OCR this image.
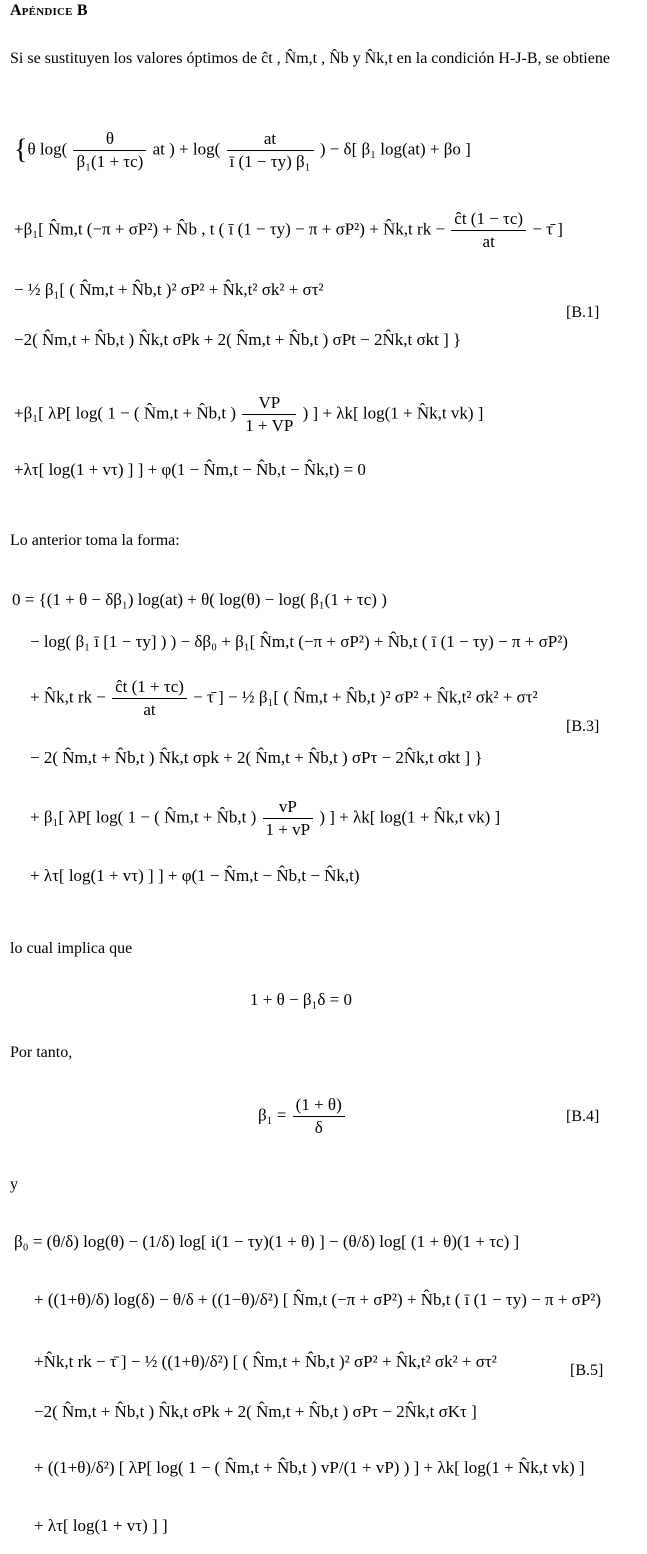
Apéndice B
Si se sustituyen los valores óptimos de ĉt , N̂m,t , N̂b y N̂k,t en la condición H-J-B, se obtiene
{θ $\log( \frac{\theta}{\text{β₁(1 + τc)}}$ at ) + $\log( \frac{at}{\text{ī (1 − τy) β₁}}$ ) − δ[ β₁ log(at) + βo ]
+β₁[ N̂m,t (−π + σP²) + N̂b , t ( ī (1 − τy) − π + σP²) + N̂k,t rk − $\frac{ĉt (1 - \tau c)}{at}$ − τ̄ ]
− ½ β₁[ ( N̂m,t + N̂b,t )² σP² + N̂k,t² σk² + στ²
[B.1]
−2( N̂m,t + N̂b,t ) N̂k,t σPk + 2( N̂m,t + N̂b,t ) σPt − 2N̂k,t σkt ] }
+β₁[ λP[ log( 1 − ( N̂m,t + N̂b,t ) $\frac{VP}{1 + VP}$ ) ] + λk[ log(1 + N̂k,t vk) ]
+λτ[ log(1 + vτ) ] ] + φ(1 − N̂m,t − N̂b,t − N̂k,t) = 0
Lo anterior toma la forma:
0 = {(1 + θ − δβ₁) log(at) + θ( log(θ) − log( β₁(1 + τc) )
− log( β₁ ī [1 − τy] ) ) − δβ₀ + β₁[ N̂m,t (−π + σP²) + N̂b,t ( ī (1 − τy) − π + σP²)
+ N̂k,t rk − $\frac{ĉt (1 + \tau c)}{at}$ − τ̄ ] − ½ β₁[ ( N̂m,t + N̂b,t )² σP² + N̂k,t² σk² + στ²
[B.3]
− 2( N̂m,t + N̂b,t ) N̂k,t σpk + 2( N̂m,t + N̂b,t ) σPτ − 2N̂k,t σkt ] }
+ β₁[ λP[ log( 1 − ( N̂m,t + N̂b,t ) $\frac{vP}{1 + vP}$ ) ] + λk[ log(1 + N̂k,t vk) ]
+ λτ[ log(1 + vτ) ] ] + φ(1 − N̂m,t − N̂b,t − N̂k,t)
lo cual implica que
1 + θ − β₁δ = 0
Por tanto,
$\beta_1 = \frac{(1 + \theta)}{\delta}$	[B.4]
y
β₀ = (θ/δ) log(θ) − (1/δ) log[ i(1 − τy)(1 + θ) ] − (θ/δ) log[ (1 + θ)(1 + τc) ]
+ ((1+θ)/δ) log(δ) − θ/δ + ((1−θ)/δ²) [ N̂m,t (−π + σP²) + N̂b,t ( ī (1 − τy) − π + σP²)
+N̂k,t rk − τ̄ ] − ½ ((1+θ)/δ²) [ ( N̂m,t + N̂b,t )² σP² + N̂k,t² σk² + στ²	[B.5]
−2( N̂m,t + N̂b,t ) N̂k,t σPk + 2( N̂m,t + N̂b,t ) σPτ − 2N̂k,t σKτ ]
+ ((1+θ)/δ²) [ λP[ log( 1 − ( N̂m,t + N̂b,t ) vP/(1 + vP) ) ] + λk[ log(1 + N̂k,t vk) ]
+ λτ[ log(1 + vτ) ] ]
